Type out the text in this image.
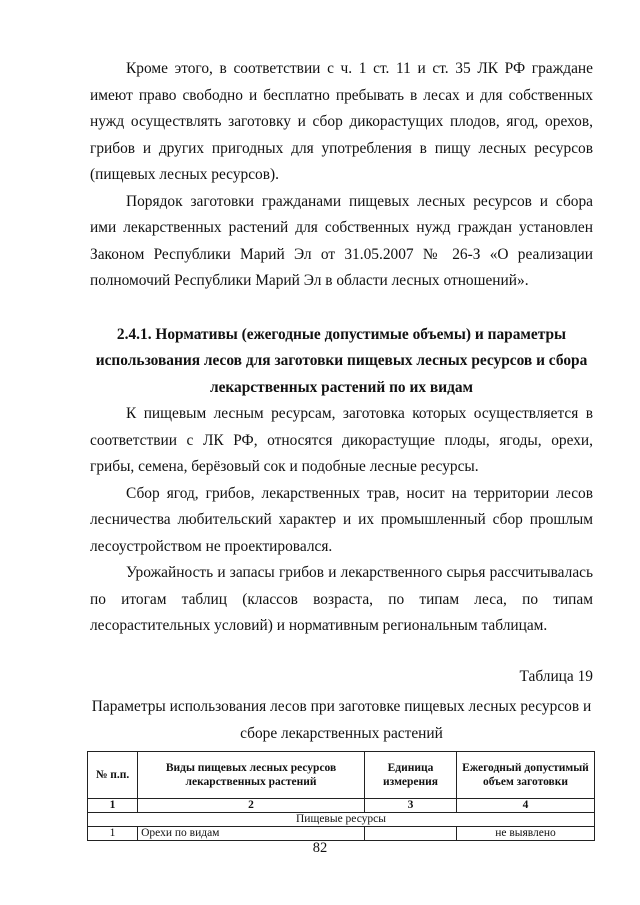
Кроме этого, в соответствии с ч. 1 ст. 11 и ст. 35 ЛК РФ граждане имеют право свободно и бесплатно пребывать в лесах и для собственных нужд осуществлять заготовку и сбор дикорастущих плодов, ягод, орехов, грибов и других пригодных для употребления в пищу лесных ресурсов (пищевых лесных ресурсов).

Порядок заготовки гражданами пищевых лесных ресурсов и сбора ими лекарственных растений для собственных нужд граждан установлен Законом Республики Марий Эл от 31.05.2007 № 26-З «О реализации полномочий Республики Марий Эл в области лесных отношений».

2.4.1. Нормативы (ежегодные допустимые объемы) и параметры использования лесов для заготовки пищевых лесных ресурсов и сбора лекарственных растений по их видам

К пищевым лесным ресурсам, заготовка которых осуществляется в соответствии с ЛК РФ, относятся дикорастущие плоды, ягоды, орехи, грибы, семена, берёзовый сок и подобные лесные ресурсы.

Сбор ягод, грибов, лекарственных трав, носит на территории лесов лесничества любительский характер и их промышленный сбор прошлым лесоустройством не проектировался.

Урожайность и запасы грибов и лекарственного сырья рассчитывалась по итогам таблиц (классов возраста, по типам леса, по типам лесорастительных условий) и нормативным региональным таблицам.

Таблица 19
Параметры использования лесов при заготовке пищевых лесных ресурсов и сборе лекарственных растений
№ п.п.	Виды пищевых лесных ресурсов лекарственных растений	Единица измерения	Ежегодный допустимый объем заготовки
1	2	3	4
Пищевые ресурсы			
1	Орехи по видам		не выявлено
82
